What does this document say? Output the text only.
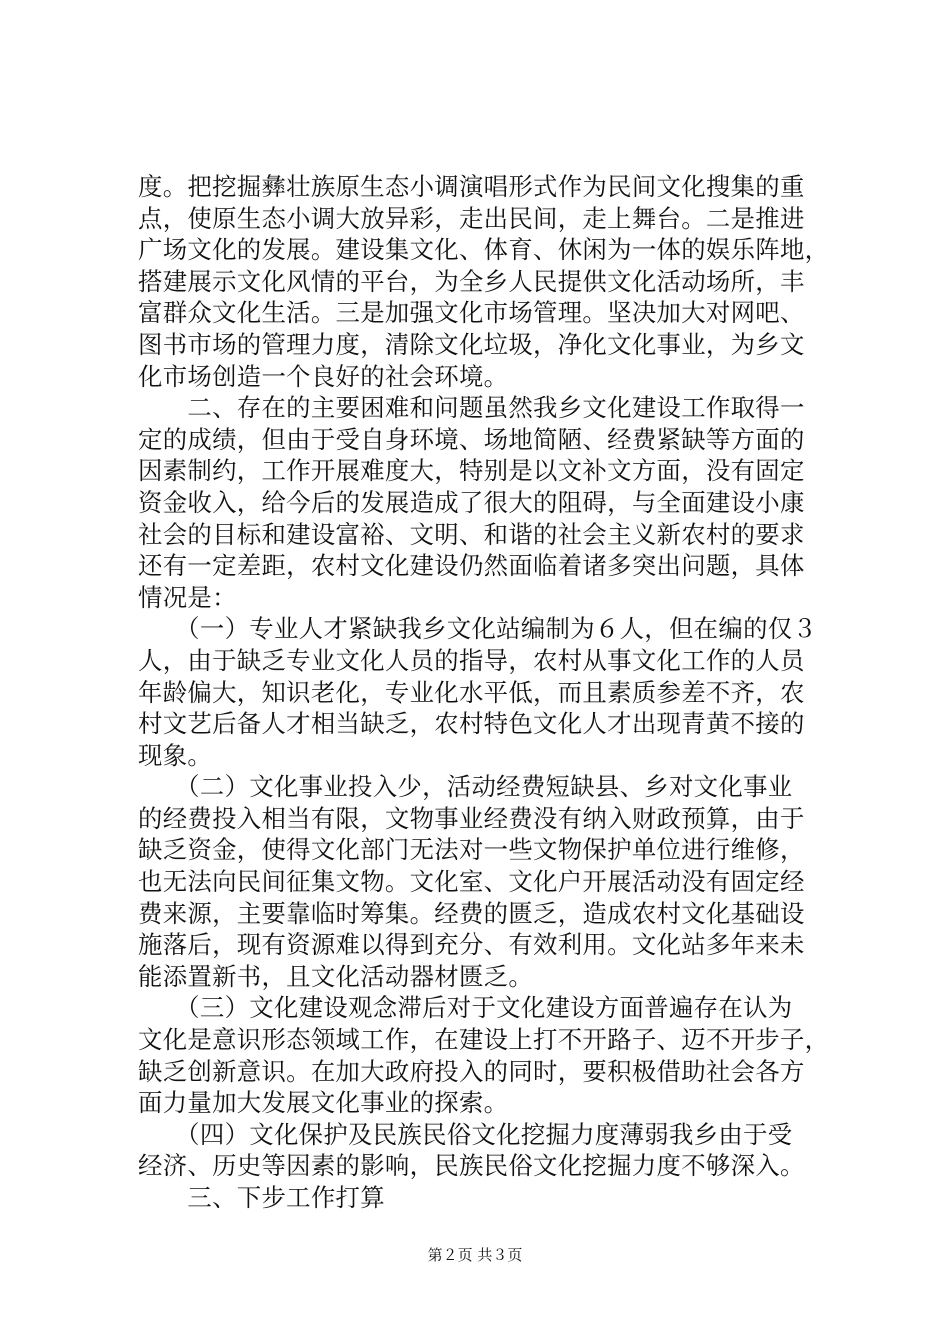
度。把挖掘彝壮族原生态小调演唱形式作为民间文化搜集的重
点，使原生态小调大放异彩，走出民间，走上舞台。二是推进
广场文化的发展。建设集文化、体育、休闲为一体的娱乐阵地，
搭建展示文化风情的平台，为全乡人民提供文化活动场所，丰
富群众文化生活。三是加强文化市场管理。坚决加大对网吧、
图书市场的管理力度，清除文化垃圾，净化文化事业，为乡文
化市场创造一个良好的社会环境。
　　二、存在的主要困难和问题虽然我乡文化建设工作取得一
定的成绩，但由于受自身环境、场地简陋、经费紧缺等方面的
因素制约，工作开展难度大，特别是以文补文方面，没有固定
资金收入，给今后的发展造成了很大的阻碍，与全面建设小康
社会的目标和建设富裕、文明、和谐的社会主义新农村的要求
还有一定差距，农村文化建设仍然面临着诸多突出问题，具体
情况是：
　　（一）专业人才紧缺我乡文化站编制为６人，但在编的仅３
人，由于缺乏专业文化人员的指导，农村从事文化工作的人员
年龄偏大，知识老化，专业化水平低，而且素质参差不齐，农
村文艺后备人才相当缺乏，农村特色文化人才出现青黄不接的
现象。
　　（二）文化事业投入少，活动经费短缺县、乡对文化事业
的经费投入相当有限，文物事业经费没有纳入财政预算，由于
缺乏资金，使得文化部门无法对一些文物保护单位进行维修，
也无法向民间征集文物。文化室、文化户开展活动没有固定经
费来源，主要靠临时筹集。经费的匮乏，造成农村文化基础设
施落后，现有资源难以得到充分、有效利用。文化站多年来未
能添置新书，且文化活动器材匮乏。
　　（三）文化建设观念滞后对于文化建设方面普遍存在认为
文化是意识形态领域工作，在建设上打不开路子、迈不开步子，
缺乏创新意识。在加大政府投入的同时，要积极借助社会各方
面力量加大发展文化事业的探索。
　　（四）文化保护及民族民俗文化挖掘力度薄弱我乡由于受
经济、历史等因素的影响，民族民俗文化挖掘力度不够深入。
　　三、下步工作打算
第２页 共３页
